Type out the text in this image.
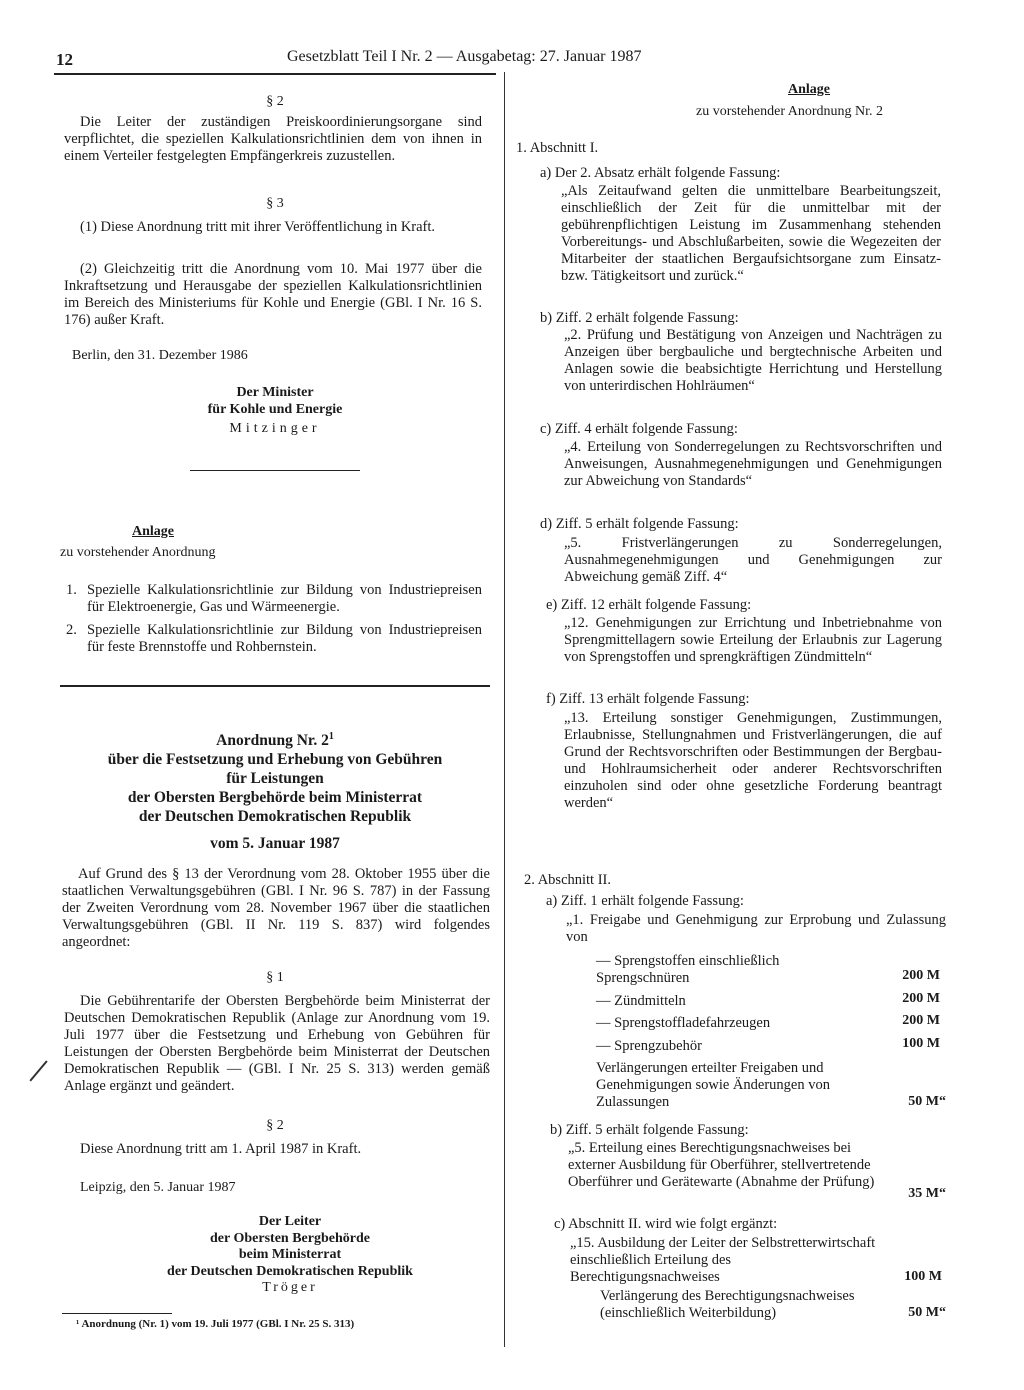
12	Gesetzblatt Teil I Nr. 2 — Ausgabetag: 27. Januar 1987
§ 2
Die Leiter der zuständigen Preiskoordinierungsorgane sind verpflichtet, die speziellen Kalkulationsrichtlinien dem von ihnen in einem Verteiler festgelegten Empfängerkreis zuzustellen.
§ 3
(1) Diese Anordnung tritt mit ihrer Veröffentlichung in Kraft.
(2) Gleichzeitig tritt die Anordnung vom 10. Mai 1977 über die Inkraftsetzung und Herausgabe der speziellen Kalkulationsrichtlinien im Bereich des Ministeriums für Kohle und Energie (GBl. I Nr. 16 S. 176) außer Kraft.
Berlin, den 31. Dezember 1986
Der Minister
für Kohle und Energie
Mitzinger
Anlage
zu vorstehender Anordnung
1. Spezielle Kalkulationsrichtlinie zur Bildung von Industriepreisen für Elektroenergie, Gas und Wärmeenergie.
2. Spezielle Kalkulationsrichtlinie zur Bildung von Industriepreisen für feste Brennstoffe und Rohbernstein.
Anordnung Nr. $2^1$
über die Festsetzung und Erhebung von Gebühren
für Leistungen
der Obersten Bergbehörde beim Ministerrat
der Deutschen Demokratischen Republik
vom 5. Januar 1987
Auf Grund des § 13 der Verordnung vom 28. Oktober 1955 über die staatlichen Verwaltungsgebühren (GBl. I Nr. 96 S. 787) in der Fassung der Zweiten Verordnung vom 28. November 1967 über die staatlichen Verwaltungsgebühren (GBl. II Nr. 119 S. 837) wird folgendes angeordnet:
§ 1
Die Gebührentarife der Obersten Bergbehörde beim Ministerrat der Deutschen Demokratischen Republik (Anlage zur Anordnung vom 19. Juli 1977 über die Festsetzung und Erhebung von Gebühren für Leistungen der Obersten Bergbehörde beim Ministerrat der Deutschen Demokratischen Republik — (GBl. I Nr. 25 S. 313) werden gemäß Anlage ergänzt und geändert.
§ 2
Diese Anordnung tritt am 1. April 1987 in Kraft.
Leipzig, den 5. Januar 1987
Der Leiter
der Obersten Bergbehörde
beim Ministerrat
der Deutschen Demokratischen Republik
Tröger
¹ Anordnung (Nr. 1) vom 19. Juli 1977 (GBl. I Nr. 25 S. 313)
Anlage
zu vorstehender Anordnung Nr. 2
1. Abschnitt I.
a) Der 2. Absatz erhält folgende Fassung:
„Als Zeitaufwand gelten die unmittelbare Bearbeitungszeit, einschließlich der Zeit für die unmittelbar mit der gebührenpflichtigen Leistung im Zusammenhang stehenden Vorbereitungs- und Abschlußarbeiten, sowie die Wegezeiten der Mitarbeiter der staatlichen Bergaufsichtsorgane zum Einsatz- bzw. Tätigkeitsort und zurück.“
b) Ziff. 2 erhält folgende Fassung:
„2. Prüfung und Bestätigung von Anzeigen und Nachträgen zu Anzeigen über bergbauliche und bergtechnische Arbeiten und Anlagen sowie die beabsichtigte Herrichtung und Herstellung von unterirdischen Hohlräumen“
c) Ziff. 4 erhält folgende Fassung:
„4. Erteilung von Sonderregelungen zu Rechtsvorschriften und Anweisungen, Ausnahmegenehmigungen und Genehmigungen zur Abweichung von Standards“
d) Ziff. 5 erhält folgende Fassung:
„5. Fristverlängerungen zu Sonderregelungen, Ausnahmegenehmigungen und Genehmigungen zur Abweichung gemäß Ziff. 4“
e) Ziff. 12 erhält folgende Fassung:
„12. Genehmigungen zur Errichtung und Inbetriebnahme von Sprengmittellagern sowie Erteilung der Erlaubnis zur Lagerung von Sprengstoffen und sprengkräftigen Zündmitteln“
f) Ziff. 13 erhält folgende Fassung:
„13. Erteilung sonstiger Genehmigungen, Zustimmungen, Erlaubnisse, Stellungnahmen und Fristverlängerungen, die auf Grund der Rechtsvorschriften oder Bestimmungen der Bergbau- und Hohlraumsicherheit oder anderer Rechtsvorschriften einzuholen sind oder ohne gesetzliche Forderung beantragt werden“
2. Abschnitt II.
a) Ziff. 1 erhält folgende Fassung:
„1. Freigabe und Genehmigung zur Erprobung und Zulassung von
— Sprengstoffen einschließlich Sprengschnüren	200 M
— Zündmitteln	200 M
— Sprengstoffladefahrzeugen	200 M
— Sprengzubehör	100 M
Verlängerungen erteilter Freigaben und Genehmigungen sowie Änderungen von Zulassungen	50 M“
b) Ziff. 5 erhält folgende Fassung:
„5. Erteilung eines Berechtigungsnachweises bei externer Ausbildung für Oberführer, stellvertretende Oberführer und Gerätewarte (Abnahme der Prüfung)
35 M“
c) Abschnitt II. wird wie folgt ergänzt:
„15. Ausbildung der Leiter der Selbstretterwirtschaft einschließlich Erteilung des Berechtigungsnachweises	100 M
Verlängerung des Berechtigungsnachweises (einschließlich Weiterbildung)	50 M“
